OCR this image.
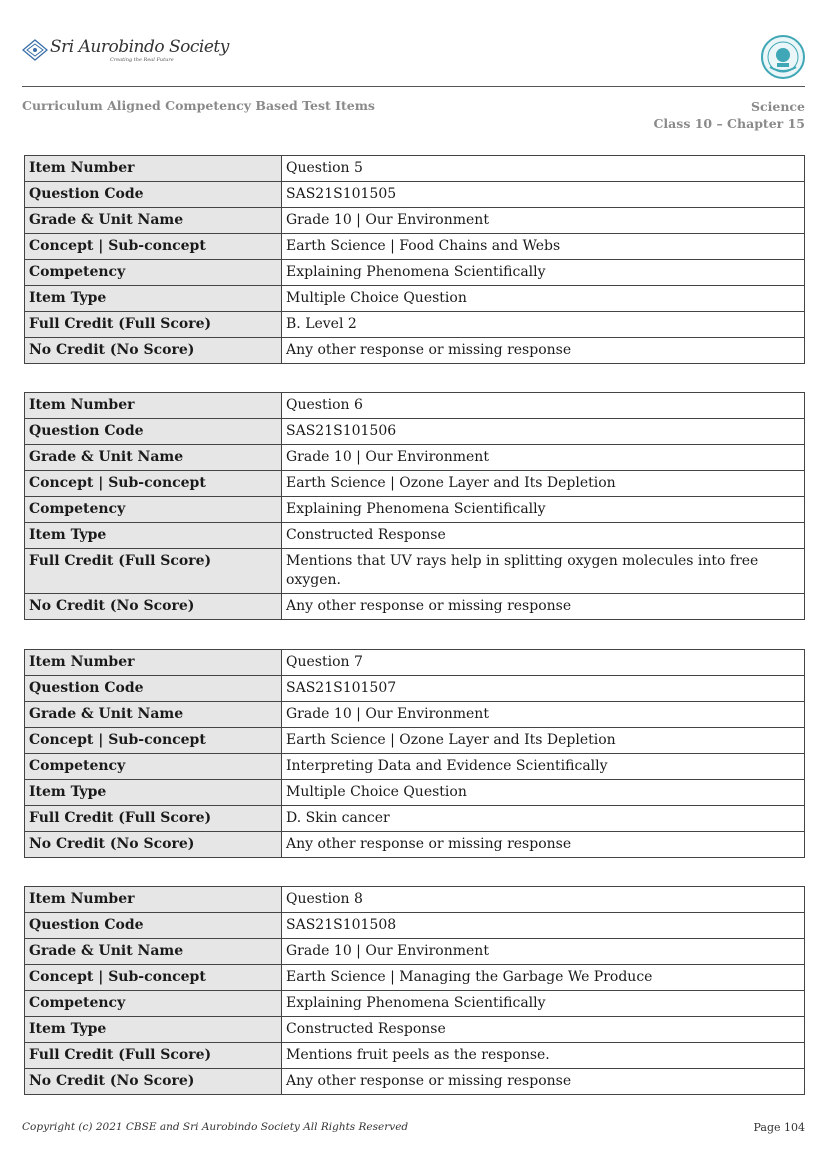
Sri Aurobindo Society
Creating the Real Future
Curriculum Aligned Competency Based Test Items	Science
Class 10 – Chapter 15
Item Number	Question 5
Question Code	SAS21S101505
Grade & Unit Name	Grade 10 | Our Environment
Concept | Sub-concept	Earth Science | Food Chains and Webs
Competency	Explaining Phenomena Scientifically
Item Type	Multiple Choice Question
Full Credit (Full Score)	B. Level 2
No Credit (No Score)	Any other response or missing response
Item Number	Question 6
Question Code	SAS21S101506
Grade & Unit Name	Grade 10 | Our Environment
Concept | Sub-concept	Earth Science | Ozone Layer and Its Depletion
Competency	Explaining Phenomena Scientifically
Item Type	Constructed Response
Full Credit (Full Score)	Mentions that UV rays help in splitting oxygen molecules into free oxygen.
No Credit (No Score)	Any other response or missing response
Item Number	Question 7
Question Code	SAS21S101507
Grade & Unit Name	Grade 10 | Our Environment
Concept | Sub-concept	Earth Science | Ozone Layer and Its Depletion
Competency	Interpreting Data and Evidence Scientifically
Item Type	Multiple Choice Question
Full Credit (Full Score)	D. Skin cancer
No Credit (No Score)	Any other response or missing response
Item Number	Question 8
Question Code	SAS21S101508
Grade & Unit Name	Grade 10 | Our Environment
Concept | Sub-concept	Earth Science | Managing the Garbage We Produce
Competency	Explaining Phenomena Scientifically
Item Type	Constructed Response
Full Credit (Full Score)	Mentions fruit peels as the response.
No Credit (No Score)	Any other response or missing response
Copyright (c) 2021 CBSE and Sri Aurobindo Society All Rights Reserved	Page 104
